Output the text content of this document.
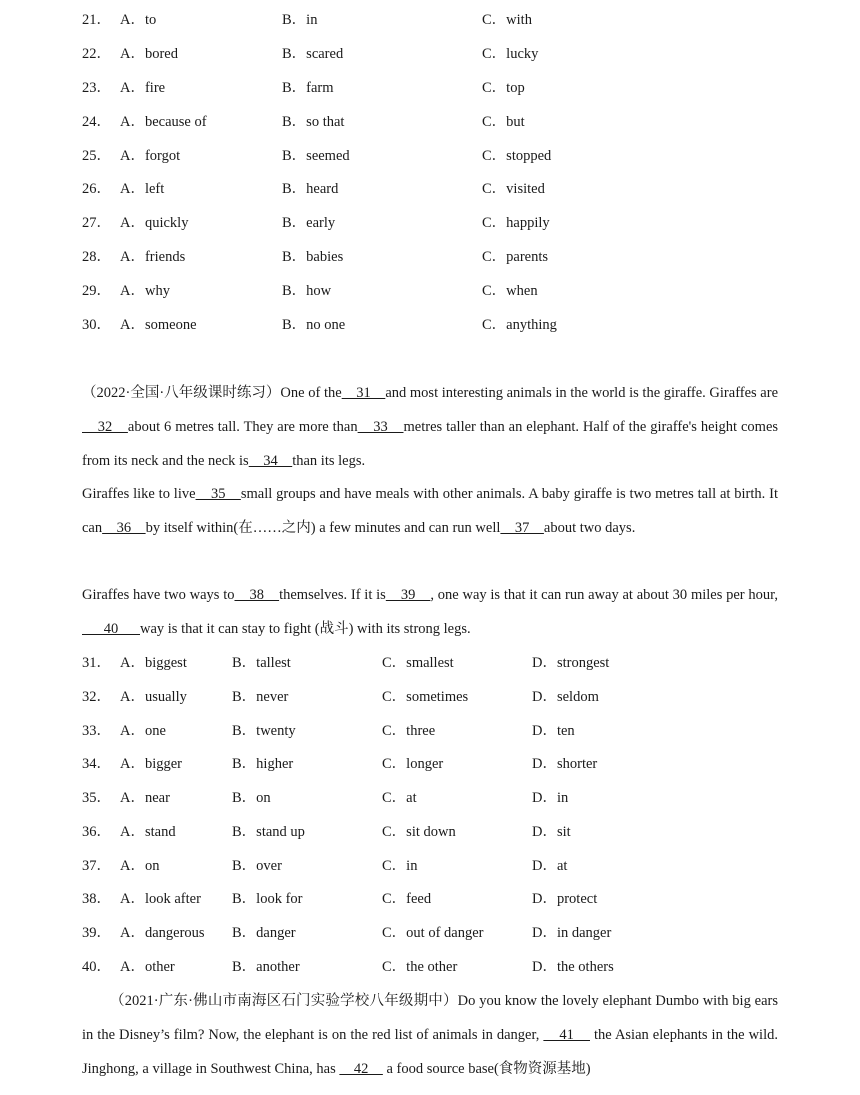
21． A．to	B．in	C．with
22． A．bored	B．scared	C．lucky
23． A．fire	B．farm	C．top
24． A．because of	B．so that	C．but
25． A．forgot	B．seemed	C．stopped
26． A．left	B．heard	C．visited
27． A．quickly	B．early	C．happily
28． A．friends	B．babies	C．parents
29． A．why	B．how	C．when
30． A．someone	B．no one	C．anything
（2022·全国·八年级课时练习）One of the    31    and most interesting animals in the world is the giraffe. Giraffes are    32    about 6 metres tall. They are more than    33    metres taller than an elephant. Half of the giraffe's height comes from its neck and the neck is    34    than its legs.
Giraffes like to live    35    small groups and have meals with other animals. A baby giraffe is two metres tall at birth. It can    36    by itself within(在……之内) a few minutes and can run well    37    about two days.
Giraffes have two ways to    38    themselves. If it is    39    , one way is that it can run away at about 30 miles per hour,      40      way is that it can stay to fight (战斗) with its strong legs.
31． A．biggest	B．tallest	C．smallest	D．strongest
32． A．usually	B．never	C．sometimes	D．seldom
33． A．one	B．twenty	C．three	D．ten
34． A．bigger	B．higher	C．longer	D．shorter
35． A．near	B．on	C．at	D．in
36． A．stand	B．stand up	C．sit down	D．sit
37． A．on	B．over	C．in	D．at
38． A．look after B．look for	C．feed	D．protect
39． A．dangerous B．danger	C．out of danger	D．in danger
40． A．other	B．another	C．the other	D．the others
（2021·广东·佛山市南海区石门实验学校八年级期中）Do you know the lovely elephant Dumbo with big ears in the Disney’s film? Now, the elephant is on the red list of animals in danger,     41     the Asian elephants in the wild. Jinghong, a village in Southwest China, has     42     a food source base(食物资源基地)
